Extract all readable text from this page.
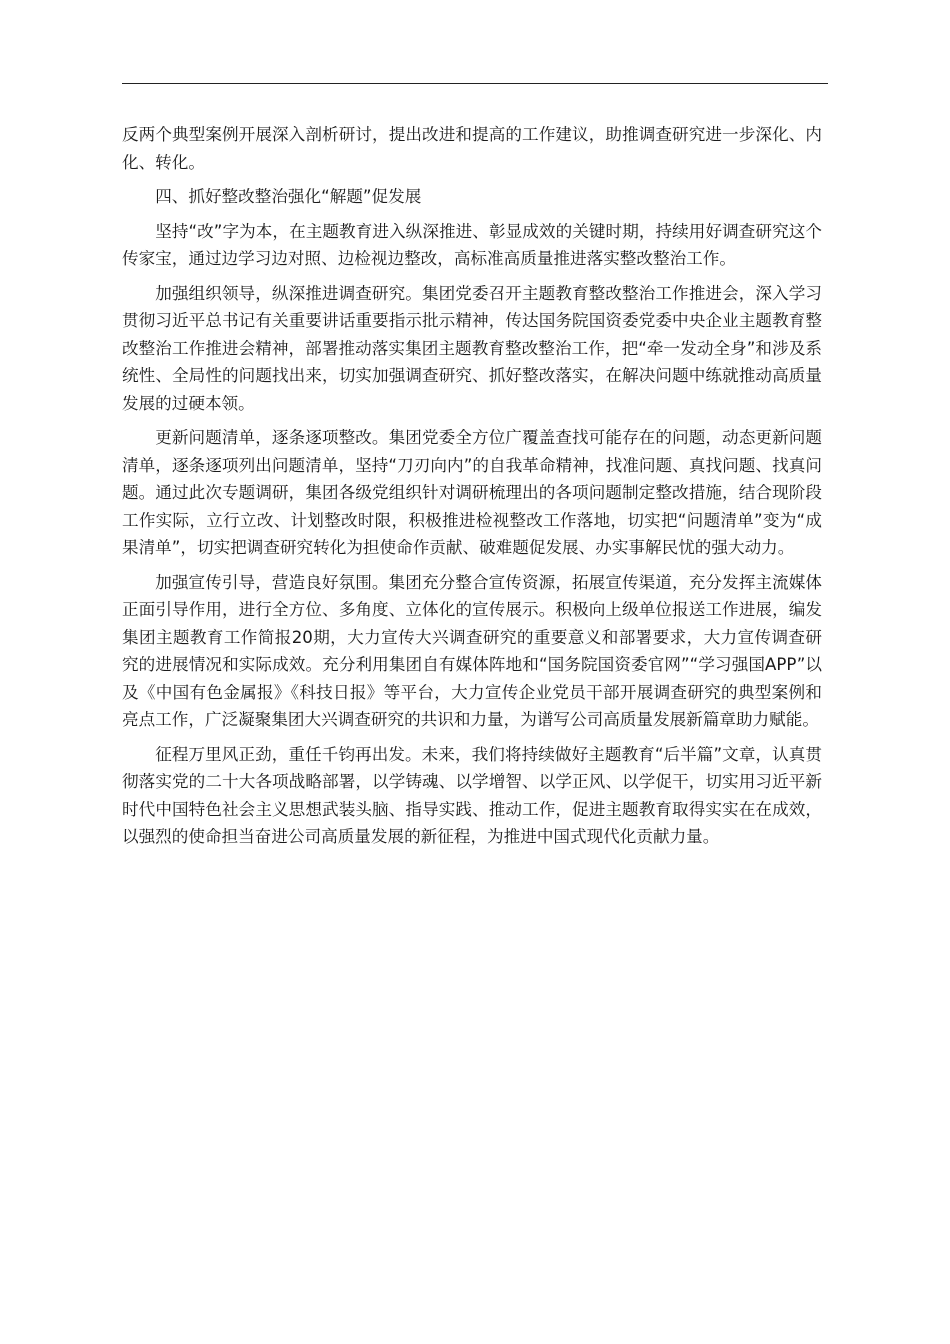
反两个典型案例开展深入剖析研讨，提出改进和提高的工作建议，助推调查研究进一步深化、内化、转化。

四、抓好整改整治强化“解题”促发展

坚持“改”字为本，在主题教育进入纵深推进、彰显成效的关键时期，持续用好调查研究这个传家宝，通过边学习边对照、边检视边整改，高标准高质量推进落实整改整治工作。

加强组织领导，纵深推进调查研究。集团党委召开主题教育整改整治工作推进会，深入学习贯彻习近平总书记有关重要讲话重要指示批示精神，传达国务院国资委党委中央企业主题教育整改整治工作推进会精神，部署推动落实集团主题教育整改整治工作，把“牵一发动全身”和涉及系统性、全局性的问题找出来，切实加强调查研究、抓好整改落实，在解决问题中练就推动高质量发展的过硬本领。

更新问题清单，逐条逐项整改。集团党委全方位广覆盖查找可能存在的问题，动态更新问题清单，逐条逐项列出问题清单，坚持“刀刃向内”的自我革命精神，找准问题、真找问题、找真问题。通过此次专题调研，集团各级党组织针对调研梳理出的各项问题制定整改措施，结合现阶段工作实际，立行立改、计划整改时限，积极推进检视整改工作落地，切实把“问题清单”变为“成果清单”，切实把调查研究转化为担使命作贡献、破难题促发展、办实事解民忧的强大动力。

加强宣传引导，营造良好氛围。集团充分整合宣传资源，拓展宣传渠道，充分发挥主流媒体正面引导作用，进行全方位、多角度、立体化的宣传展示。积极向上级单位报送工作进展，编发集团主题教育工作简报20期，大力宣传大兴调查研究的重要意义和部署要求，大力宣传调查研究的进展情况和实际成效。充分利用集团自有媒体阵地和“国务院国资委官网”“学习强国APP”以及《中国有色金属报》《科技日报》等平台，大力宣传企业党员干部开展调查研究的典型案例和亮点工作，广泛凝聚集团大兴调查研究的共识和力量，为谱写公司高质量发展新篇章助力赋能。

征程万里风正劲，重任千钧再出发。未来，我们将持续做好主题教育“后半篇”文章，认真贯彻落实党的二十大各项战略部署，以学铸魂、以学增智、以学正风、以学促干，切实用习近平新时代中国特色社会主义思想武装头脑、指导实践、推动工作，促进主题教育取得实实在在成效，以强烈的使命担当奋进公司高质量发展的新征程，为推进中国式现代化贡献力量。
